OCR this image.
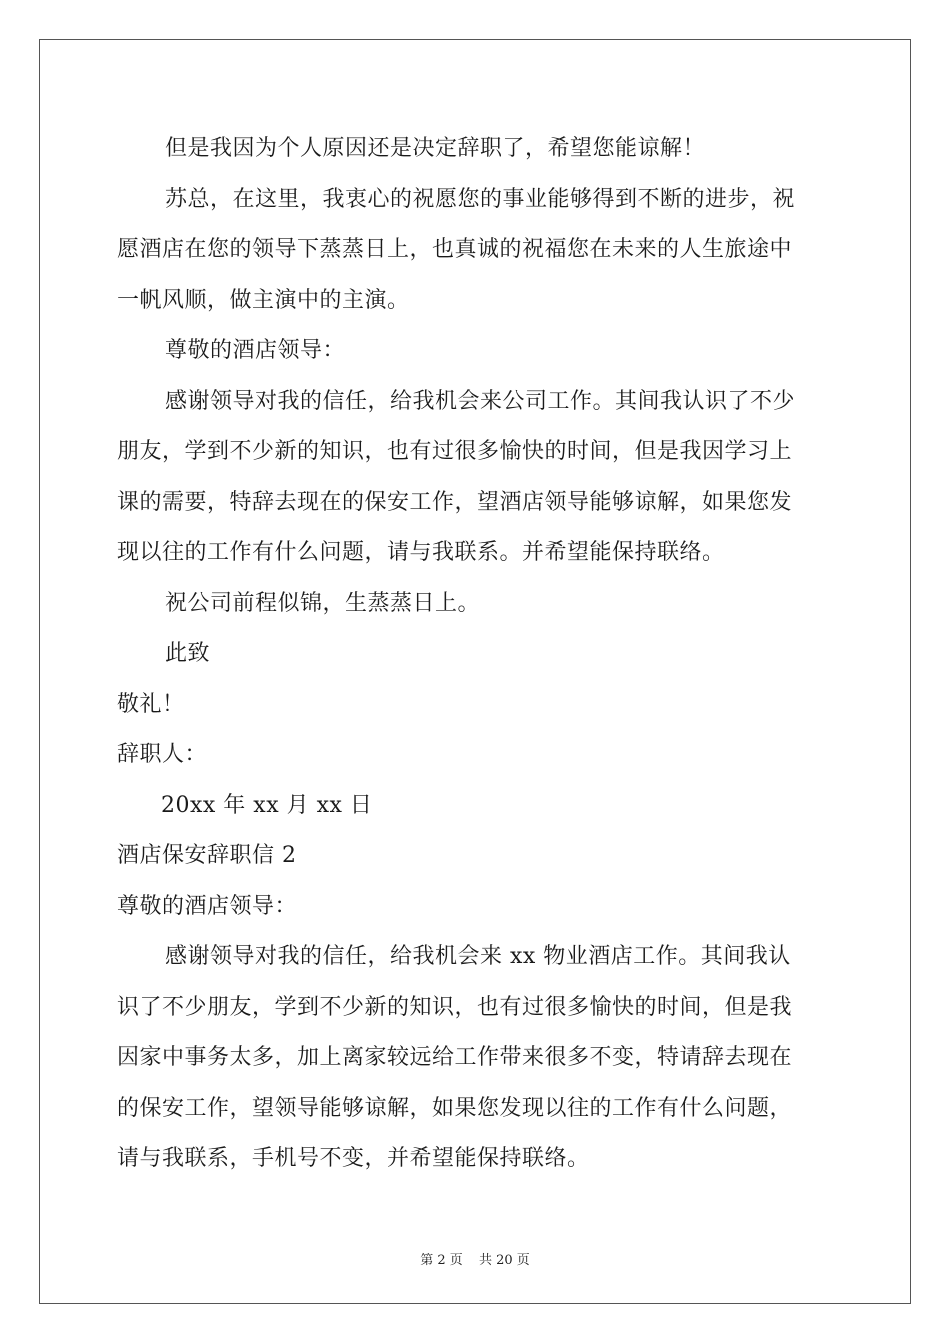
但是我因为个人原因还是决定辞职了，希望您能谅解！
苏总，在这里，我衷心的祝愿您的事业能够得到不断的进步，祝
愿酒店在您的领导下蒸蒸日上，也真诚的祝福您在未来的人生旅途中
一帆风顺，做主演中的主演。
尊敬的酒店领导：
感谢领导对我的信任，给我机会来公司工作。其间我认识了不少
朋友，学到不少新的知识，也有过很多愉快的时间，但是我因学习上
课的需要，特辞去现在的保安工作，望酒店领导能够谅解，如果您发
现以往的工作有什么问题，请与我联系。并希望能保持联络。
祝公司前程似锦，生蒸蒸日上。
此致
敬礼！
辞职人：
20xx 年 xx 月 xx 日
酒店保安辞职信 2
尊敬的酒店领导：
感谢领导对我的信任，给我机会来 xx 物业酒店工作。其间我认
识了不少朋友，学到不少新的知识，也有过很多愉快的时间，但是我
因家中事务太多，加上离家较远给工作带来很多不变，特请辞去现在
的保安工作，望领导能够谅解，如果您发现以往的工作有什么问题，
请与我联系，手机号不变，并希望能保持联络。
第 2 页 共 20 页
